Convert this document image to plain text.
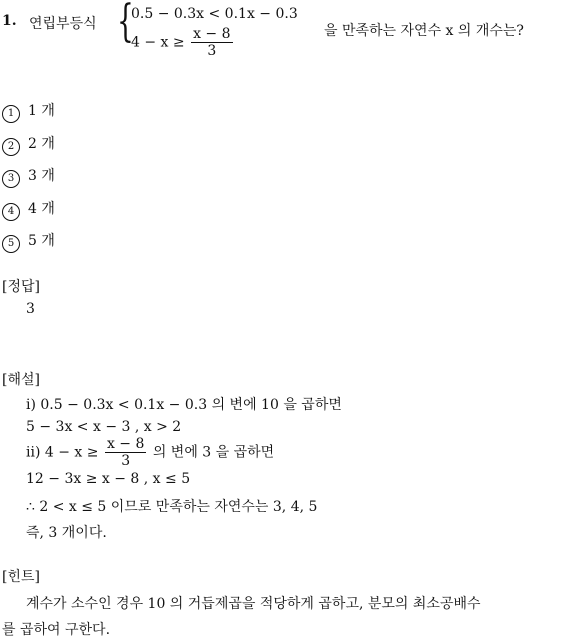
1. 연립부등식 {
0.5 − 0.3x < 0.1x − 0.3
$4 - x \ge \frac{x - 8}{3}$	을 만족하는 자연수 x 의 개수는?
1 1 개
2 2 개
3 3 개
4 4 개
5 5 개
[정답]
3
[해설]
i) 0.5 − 0.3x < 0.1x − 0.3 의 변에 10 을 곱하면
5 − 3x < x − 3 , x > 2
ii) $4 - x \ge \frac{x - 8}{3}$ 의 변에 3 을 곱하면
12 − 3x ≥ x − 8 , x ≤ 5
∴ 2 < x ≤ 5 이므로 만족하는 자연수는 3, 4, 5
즉, 3 개이다.
[힌트]
계수가 소수인 경우 10 의 거듭제곱을 적당하게 곱하고, 분모의 최소공배수
를 곱하여 구한다.
